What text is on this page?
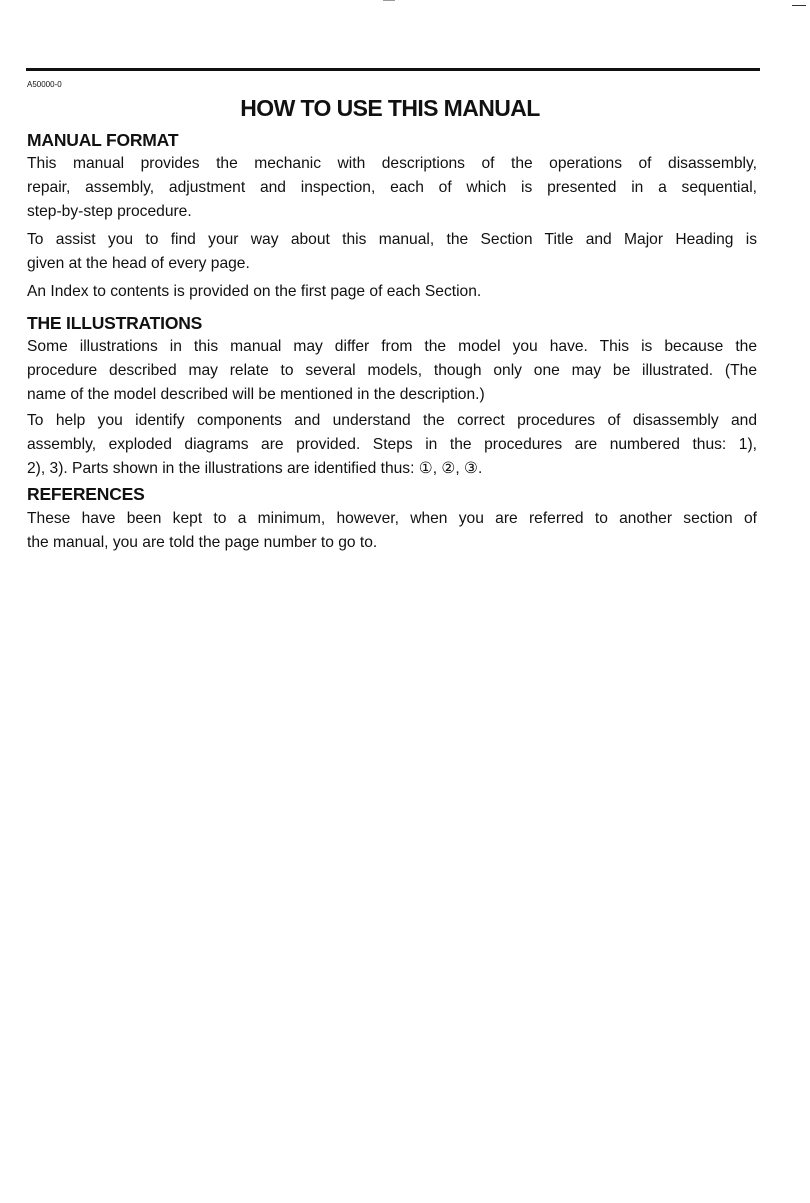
A50000-0
HOW TO USE THIS MANUAL
MANUAL FORMAT
This manual provides the mechanic with descriptions of the operations of disassembly,
repair, assembly, adjustment and inspection, each of which is presented in a sequential,
step-by-step procedure.
To assist you to find your way about this manual, the Section Title and Major Heading is
given at the head of every page.
An Index to contents is provided on the first page of each Section.
THE ILLUSTRATIONS
Some illustrations in this manual may differ from the model you have. This is because the
procedure described may relate to several models, though only one may be illustrated. (The
name of the model described will be mentioned in the description.)
To help you identify components and understand the correct procedures of disassembly and
assembly, exploded diagrams are provided. Steps in the procedures are numbered thus: 1),
2), 3). Parts shown in the illustrations are identified thus: ①, ②, ③.
REFERENCES
These have been kept to a minimum, however, when you are referred to another section of
the manual, you are told the page number to go to.
